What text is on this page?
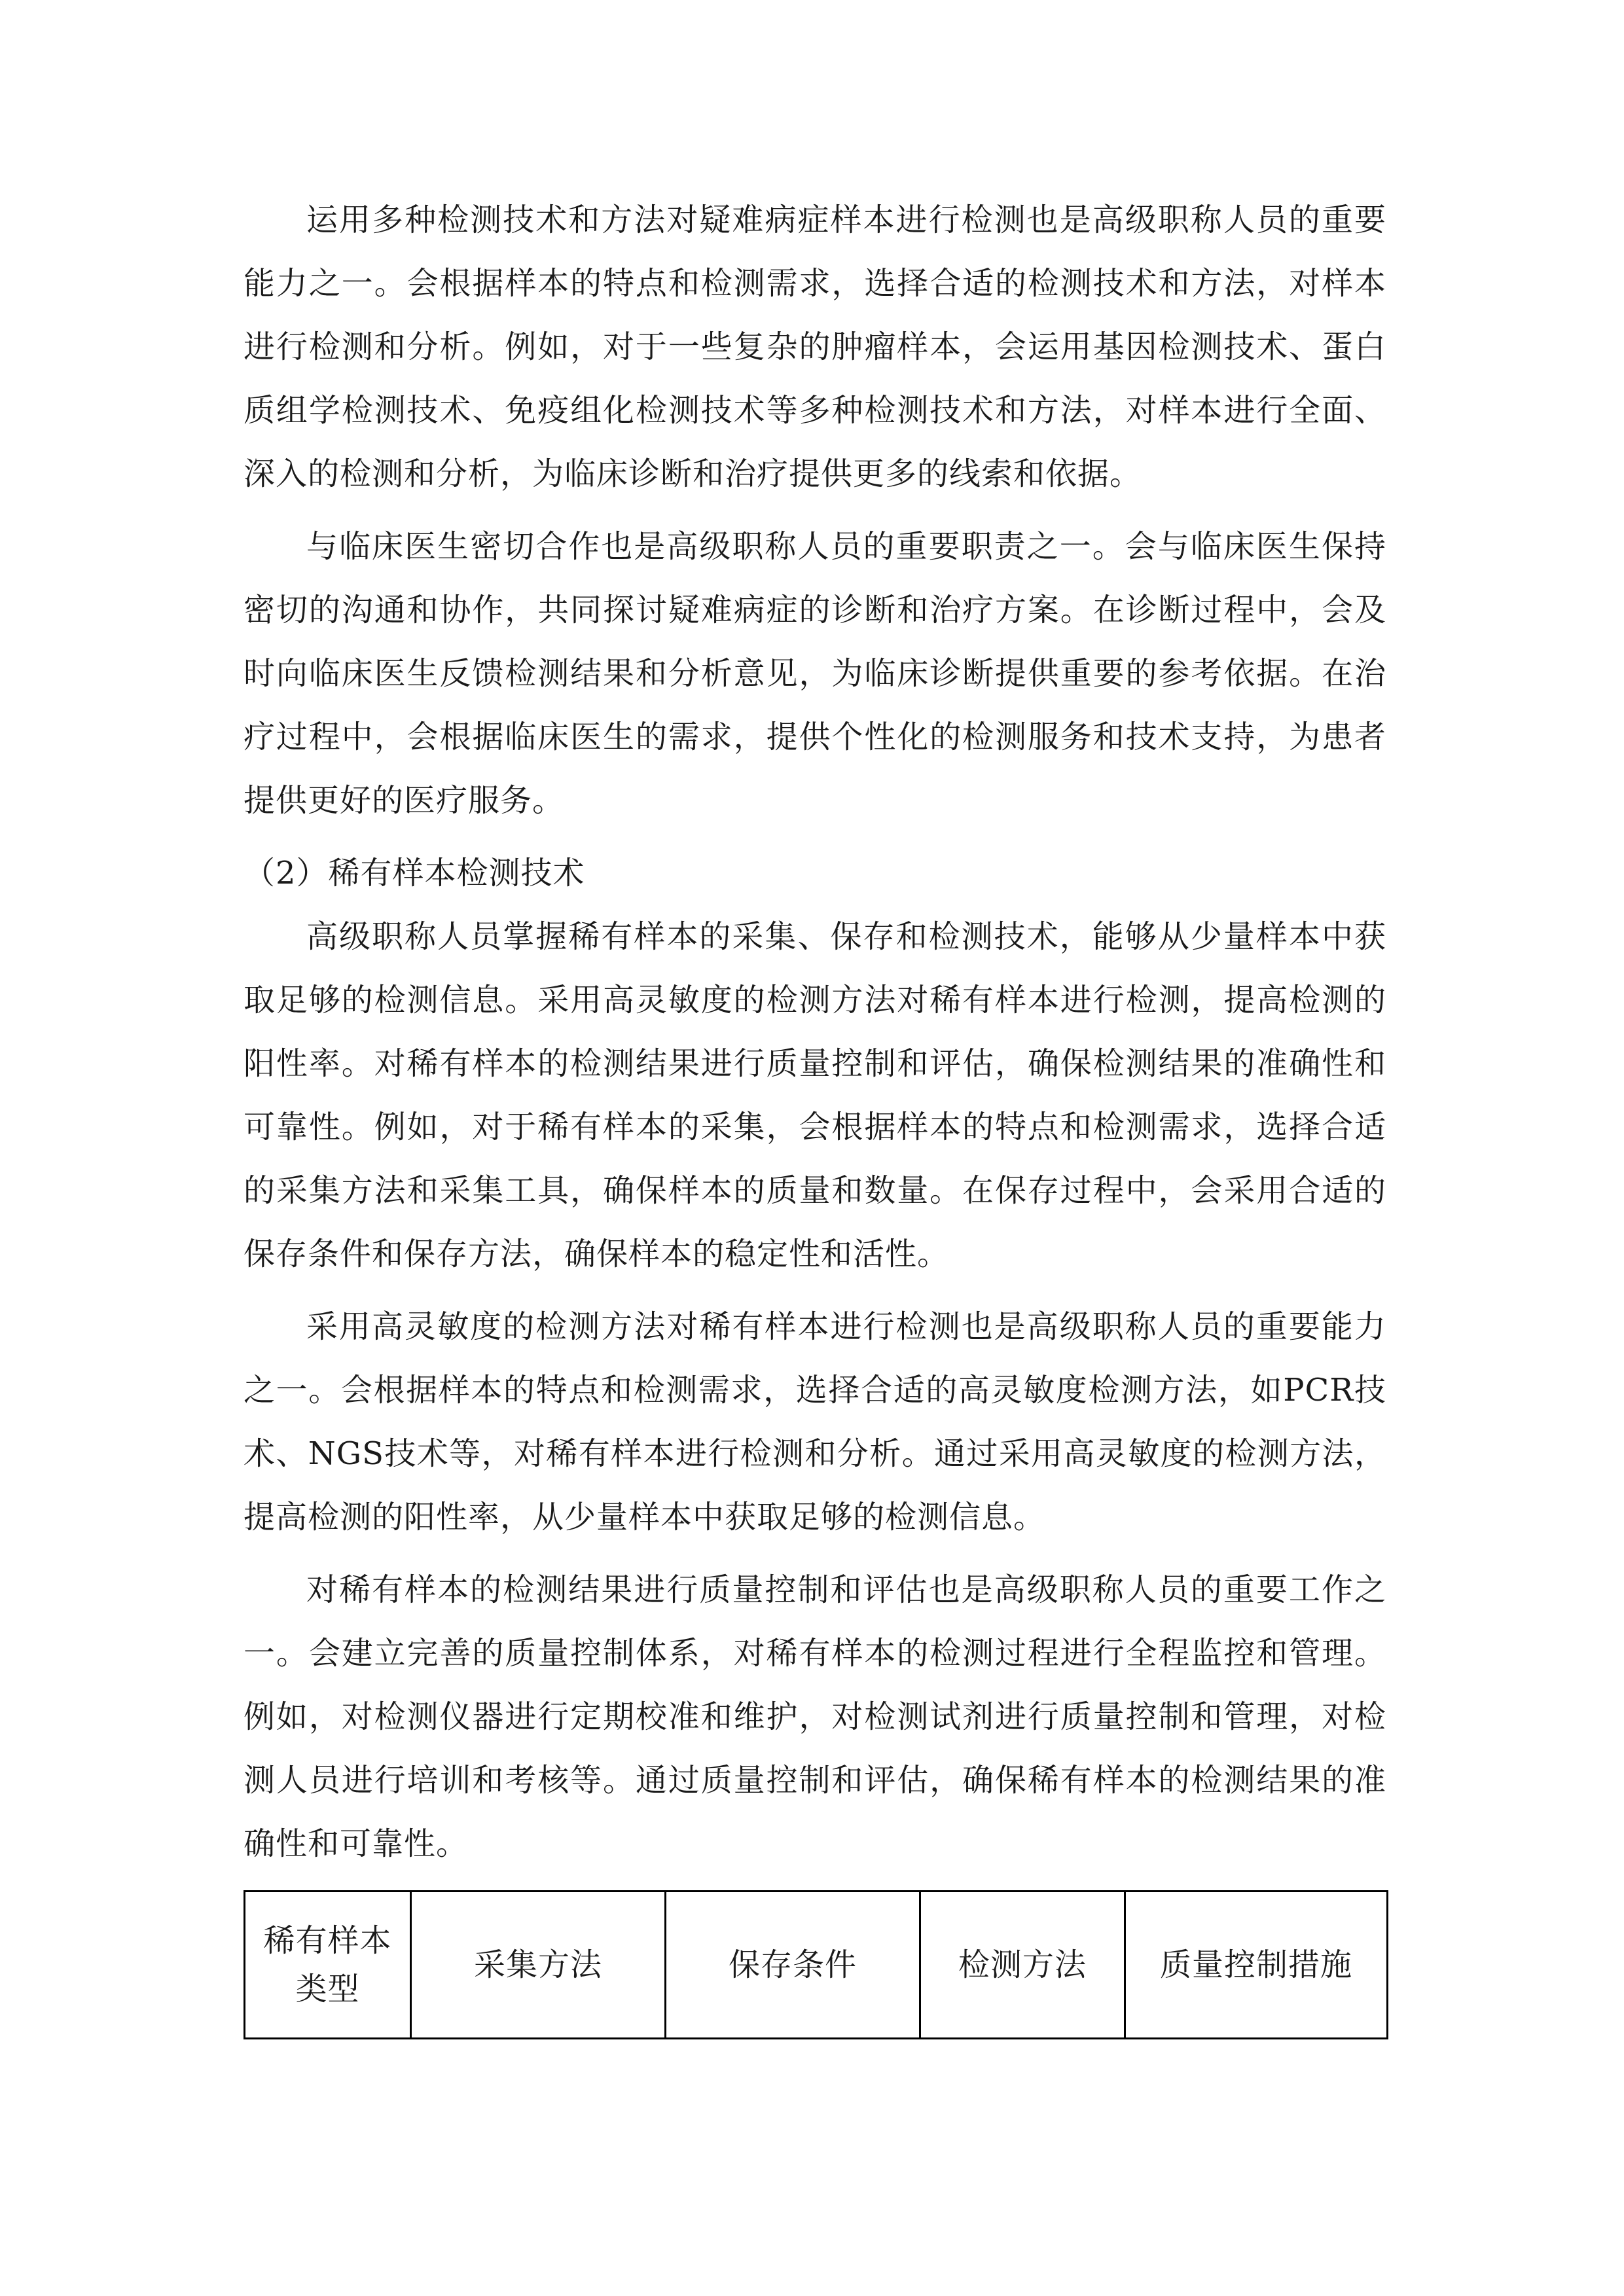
运用多种检测技术和方法对疑难病症样本进行检测也是高级职称人员的重要能力之一。会根据样本的特点和检测需求，选择合适的检测技术和方法，对样本进行检测和分析。例如，对于一些复杂的肿瘤样本，会运用基因检测技术、蛋白质组学检测技术、免疫组化检测技术等多种检测技术和方法，对样本进行全面、深入的检测和分析，为临床诊断和治疗提供更多的线索和依据。

与临床医生密切合作也是高级职称人员的重要职责之一。会与临床医生保持密切的沟通和协作，共同探讨疑难病症的诊断和治疗方案。在诊断过程中，会及时向临床医生反馈检测结果和分析意见，为临床诊断提供重要的参考依据。在治疗过程中，会根据临床医生的需求，提供个性化的检测服务和技术支持，为患者提供更好的医疗服务。

（2）稀有样本检测技术

高级职称人员掌握稀有样本的采集、保存和检测技术，能够从少量样本中获取足够的检测信息。采用高灵敏度的检测方法对稀有样本进行检测，提高检测的阳性率。对稀有样本的检测结果进行质量控制和评估，确保检测结果的准确性和可靠性。例如，对于稀有样本的采集，会根据样本的特点和检测需求，选择合适的采集方法和采集工具，确保样本的质量和数量。在保存过程中，会采用合适的保存条件和保存方法，确保样本的稳定性和活性。

采用高灵敏度的检测方法对稀有样本进行检测也是高级职称人员的重要能力之一。会根据样本的特点和检测需求，选择合适的高灵敏度检测方法，如PCR技术、NGS技术等，对稀有样本进行检测和分析。通过采用高灵敏度的检测方法，提高检测的阳性率，从少量样本中获取足够的检测信息。

对稀有样本的检测结果进行质量控制和评估也是高级职称人员的重要工作之一。会建立完善的质量控制体系，对稀有样本的检测过程进行全程监控和管理。例如，对检测仪器进行定期校准和维护，对检测试剂进行质量控制和管理，对检测人员进行培训和考核等。通过质量控制和评估，确保稀有样本的检测结果的准确性和可靠性。

稀有样本类型	采集方法	保存条件	检测方法	质量控制措施
